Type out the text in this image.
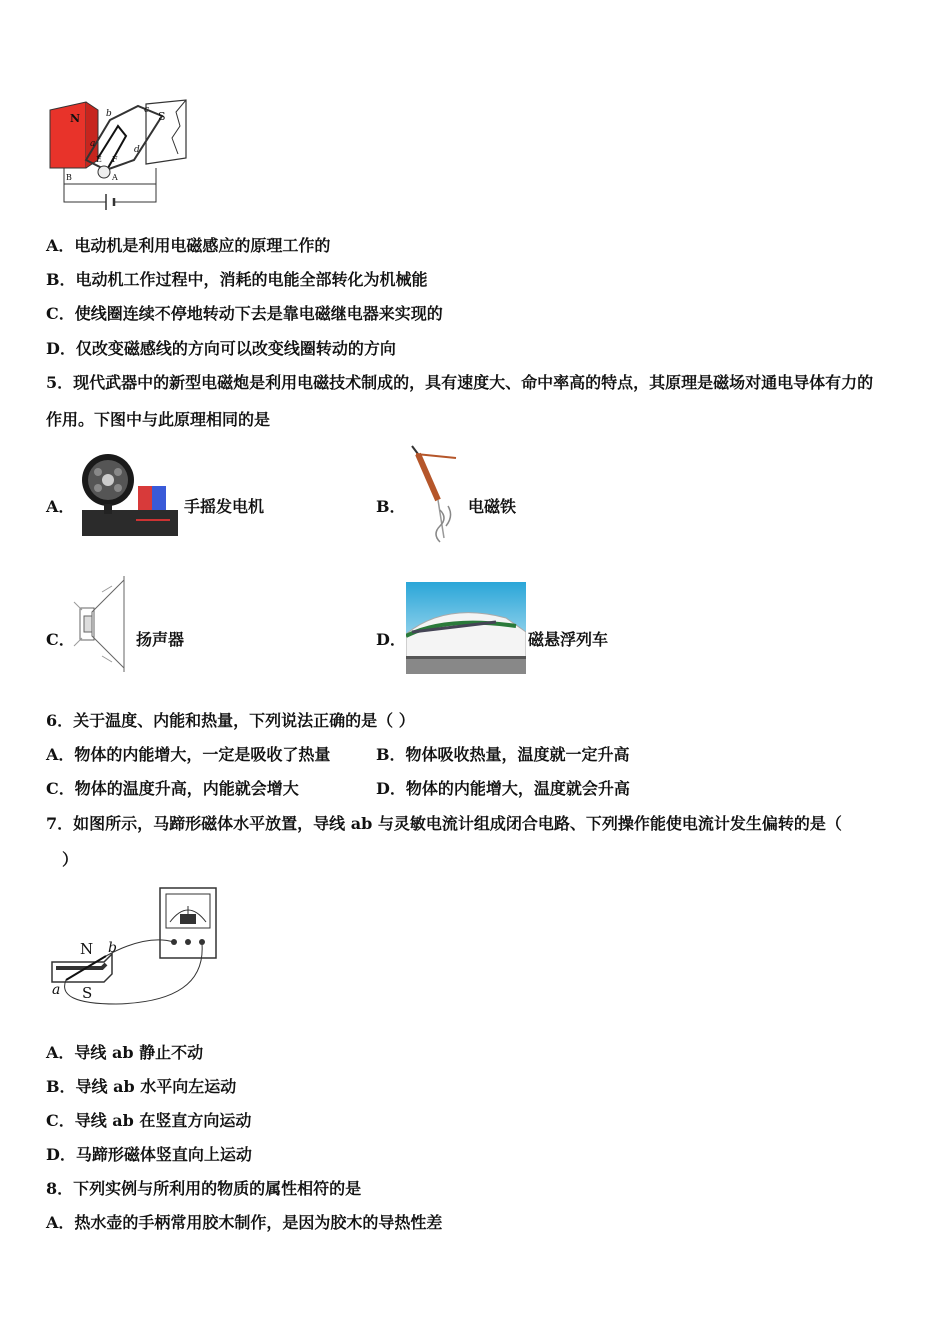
N	S
a
b	c
d
E F
B	A
A．电动机是利用电磁感应的原理工作的
B．电动机工作过程中，消耗的电能全部转化为机械能
C．使线圈连续不停地转动下去是靠电磁继电器来实现的
D．仅改变磁感线的方向可以改变线圈转动的方向
5．现代武器中的新型电磁炮是利用电磁技术制成的，具有速度大、命中率高的特点，其原理是磁场对通电导体有力的
作用。下图中与此原理相同的是
A．	手摇发电机	B．	电磁铁
C．	扬声器	D．	磁悬浮列车
6．关于温度、内能和热量，下列说法正确的是（ ）
A．物体的内能增大，一定是吸收了热量	B．物体吸收热量，温度就一定升高
C．物体的温度升高，内能就会增大	D．物体的内能增大，温度就会升高
7．如图所示，马蹄形磁体水平放置，导线 ab 与灵敏电流计组成闭合电路、下列操作能使电流计发生偏转的是（
）
N b
a S
A．导线 ab 静止不动
B．导线 ab 水平向左运动
C．导线 ab 在竖直方向运动
D．马蹄形磁体竖直向上运动
8．下列实例与所利用的物质的属性相符的是
A．热水壶的手柄常用胶木制作，是因为胶木的导热性差
